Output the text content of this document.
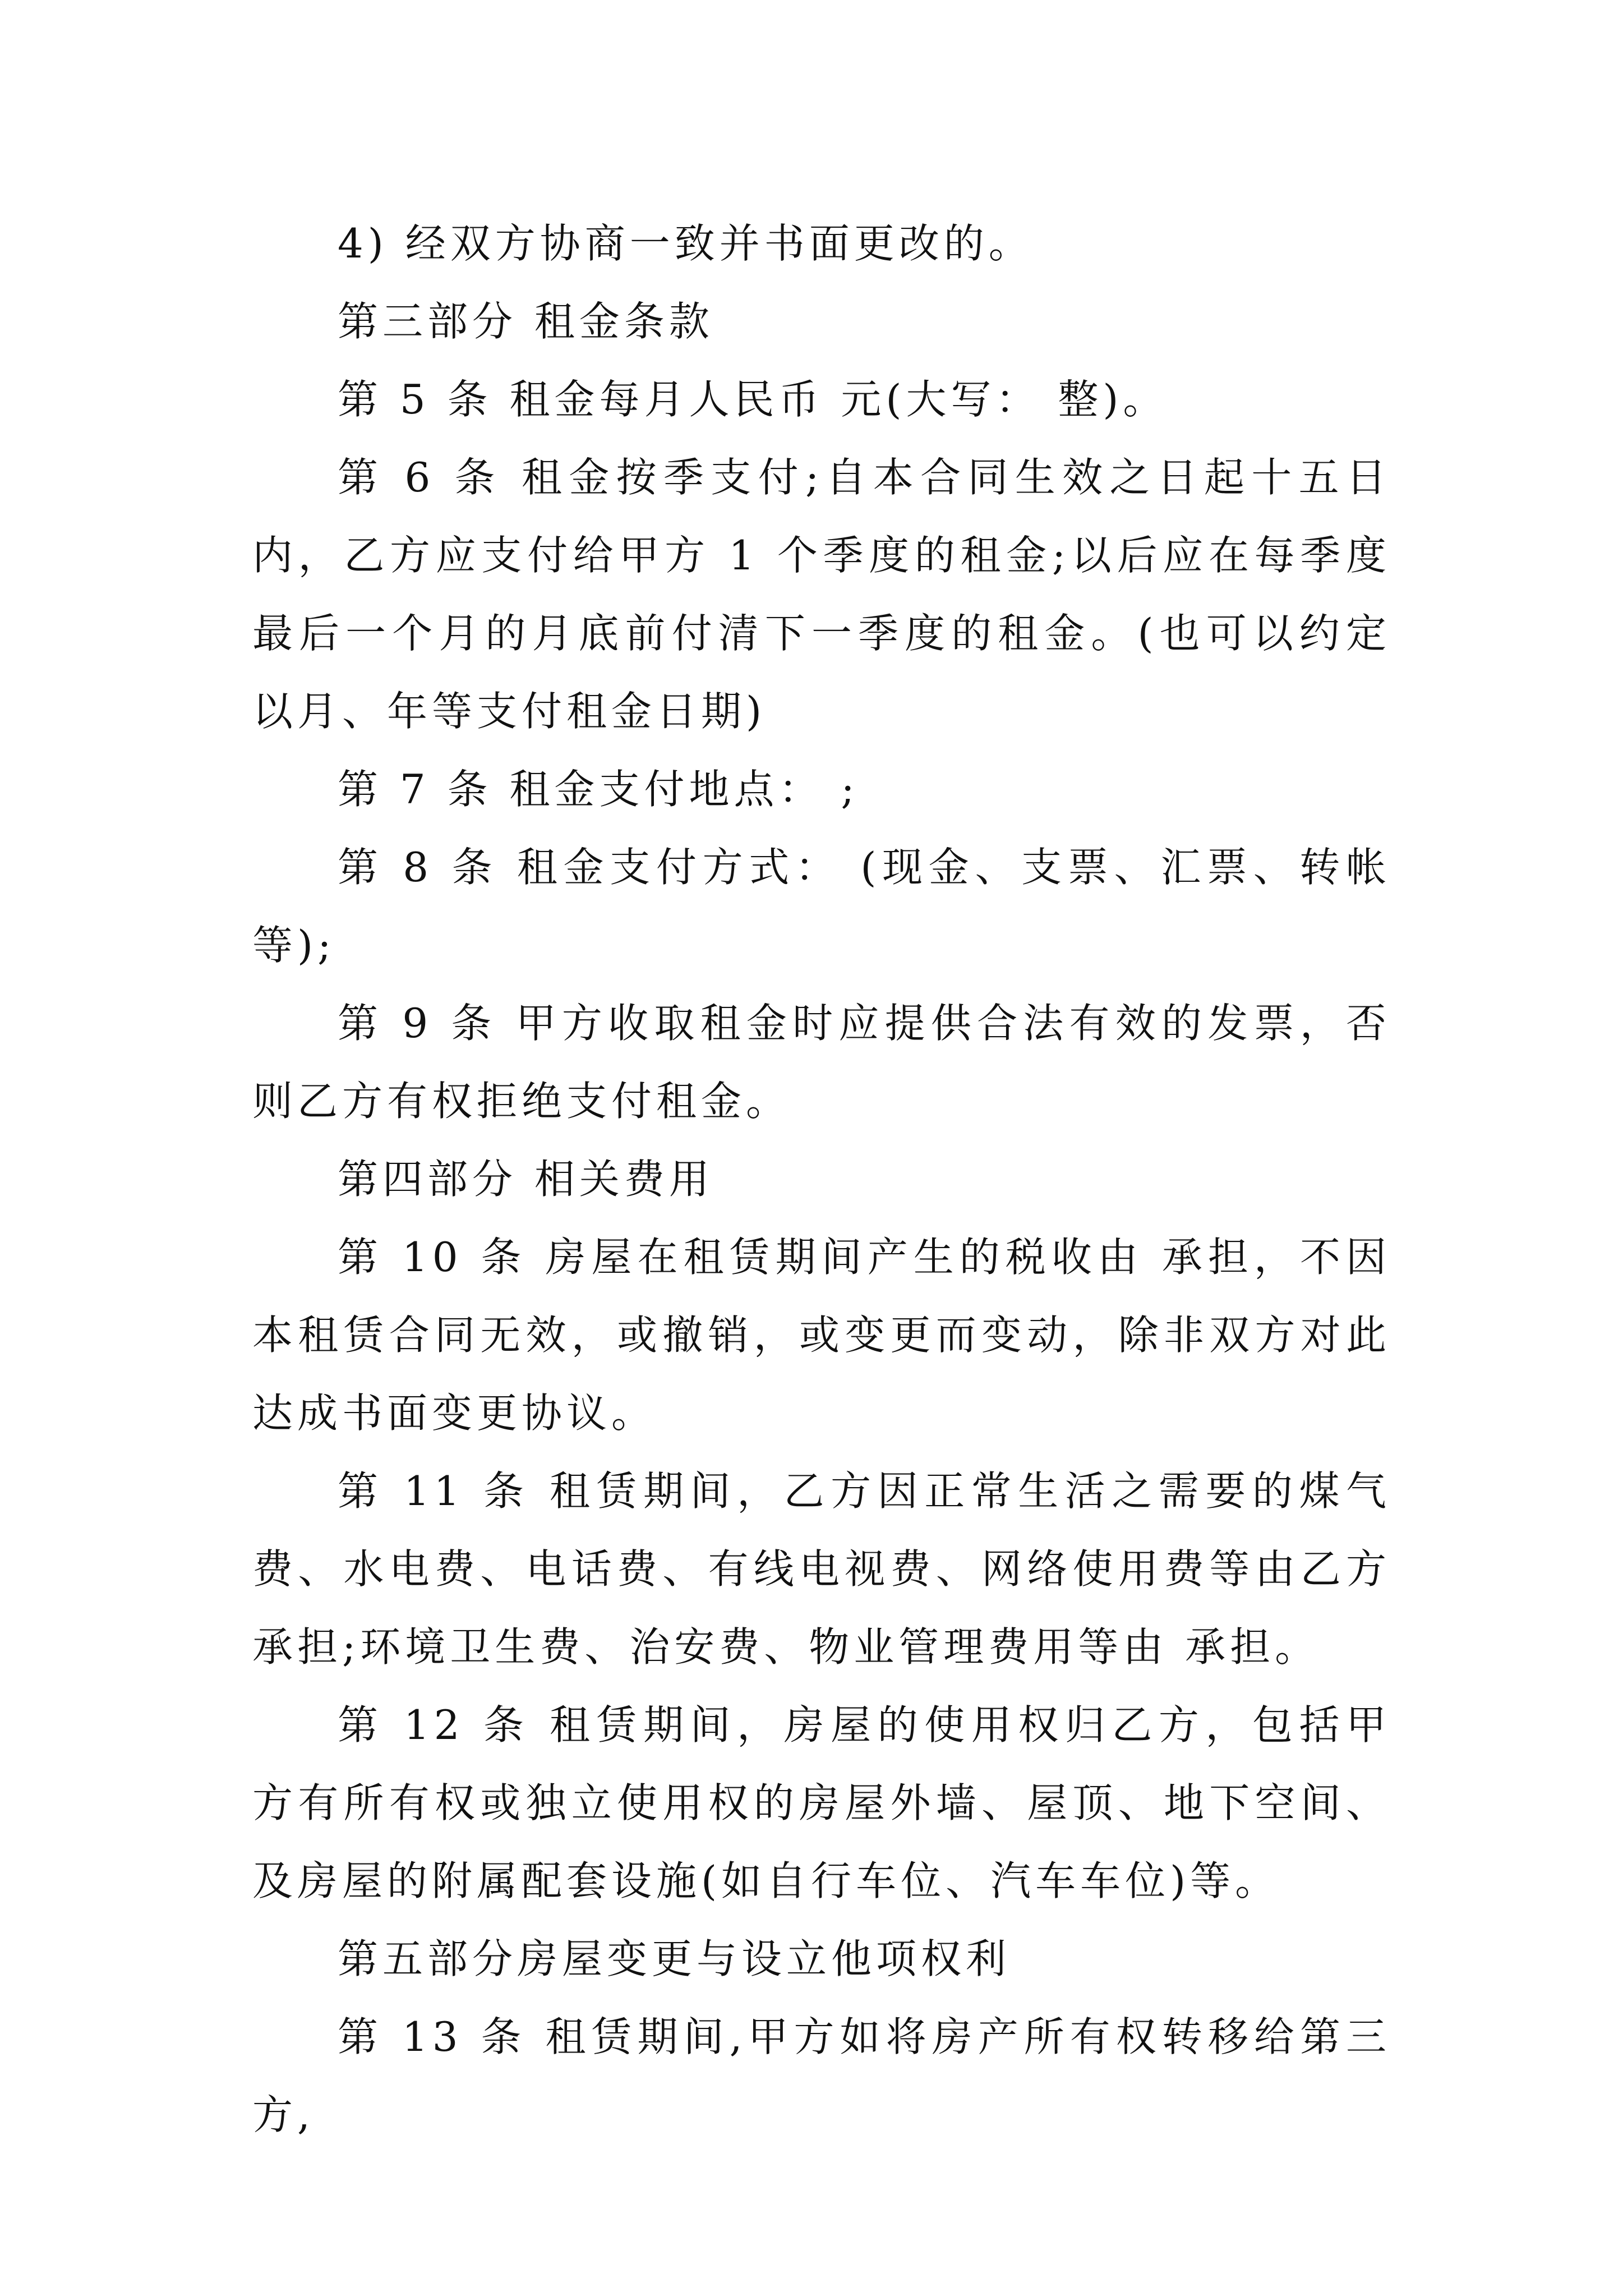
4) 经双方协商一致并书面更改的。

第三部分 租金条款

第 5 条 租金每月人民币 元(大写： 整)。

第 6 条 租金按季支付;自本合同生效之日起十五日内，乙方应支付给甲方 1 个季度的租金;以后应在每季度最后一个月的月底前付清下一季度的租金。(也可以约定以月、年等支付租金日期)

第 7 条 租金支付地点： ;

第 8 条 租金支付方式： (现金、支票、汇票、转帐等);

第 9 条 甲方收取租金时应提供合法有效的发票，否则乙方有权拒绝支付租金。

第四部分 相关费用

第 10 条 房屋在租赁期间产生的税收由 承担，不因本租赁合同无效，或撤销，或变更而变动，除非双方对此达成书面变更协议。

第 11 条 租赁期间，乙方因正常生活之需要的煤气费、水电费、电话费、有线电视费、网络使用费等由乙方承担;环境卫生费、治安费、物业管理费用等由 承担。

第 12 条 租赁期间，房屋的使用权归乙方，包括甲方有所有权或独立使用权的房屋外墙、屋顶、地下空间、及房屋的附属配套设施(如自行车位、汽车车位)等。

第五部分房屋变更与设立他项权利

第 13 条 租赁期间,甲方如将房产所有权转移给第三方,
